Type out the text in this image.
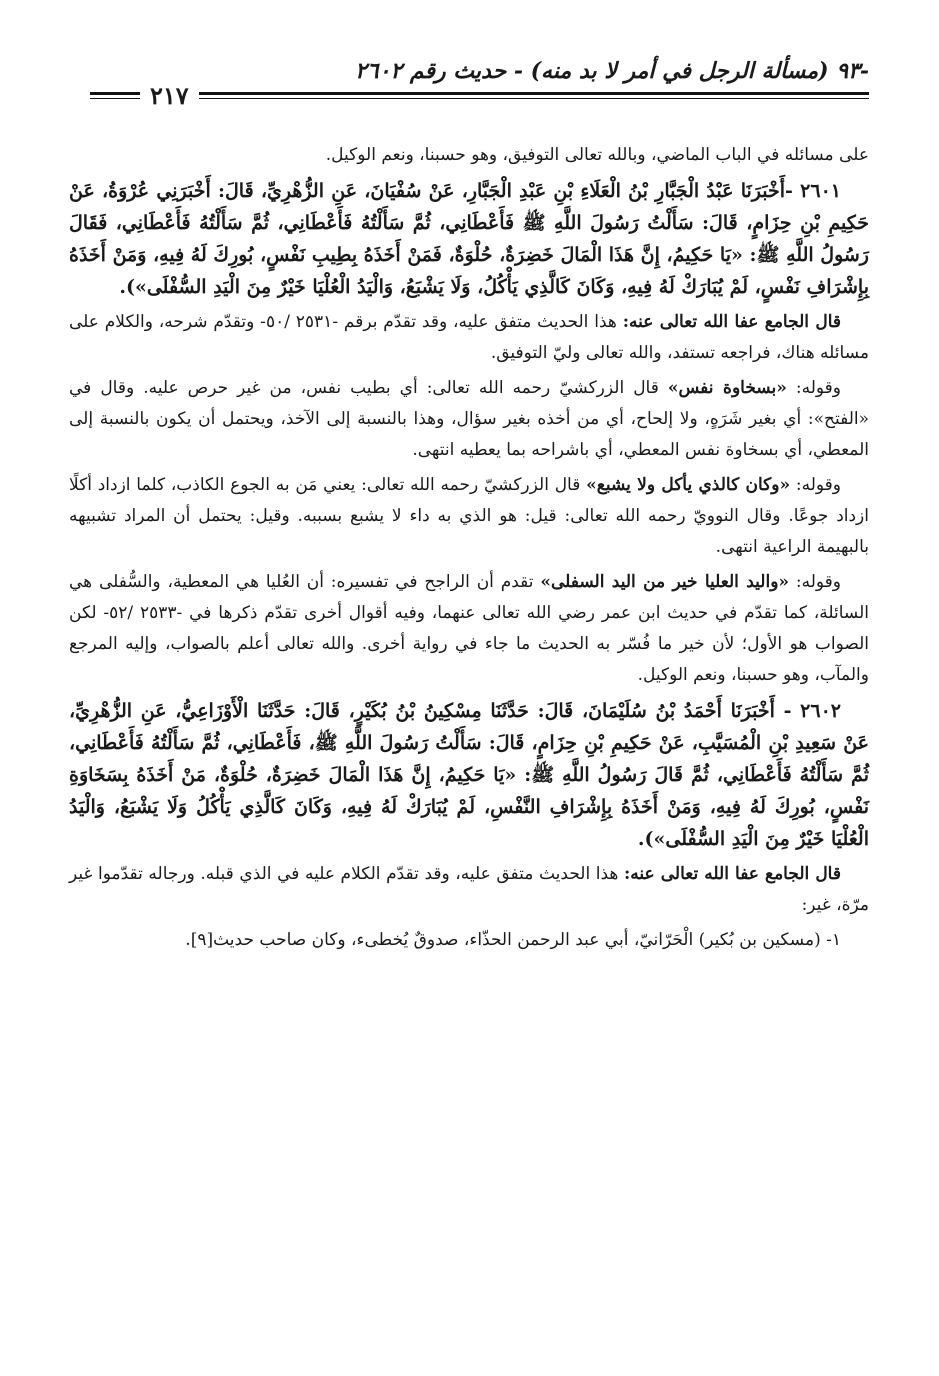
-٩٣ (مسألة الرجل في أمر لا بد منه) - حديث رقم ٢٦٠٢
٢١٧

على مسائله في الباب الماضي، وبالله تعالى التوفيق، وهو حسبنا، ونعم الوكيل.

٢٦٠١ -أَخْبَرَنَا عَبْدُ الْجَبَّارِ بْنُ الْعَلَاءِ بْنِ عَبْدِ الْجَبَّارِ، عَنْ سُفْيَانَ، عَنِ الزُّهْرِيِّ، قَالَ: أَخْبَرَنِي عُرْوَةُ، عَنْ حَكِيمِ بْنِ حِزَامٍ، قَالَ: سَأَلْتُ رَسُولَ اللَّهِ ﷺ فَأَعْطَانِي، ثُمَّ سَأَلْتُهُ فَأَعْطَانِي، ثُمَّ سَأَلْتُهُ فَأَعْطَانِي، فَقَالَ رَسُولُ اللَّهِ ﷺ: «يَا حَكِيمُ، إِنَّ هَذَا الْمَالَ خَضِرَةٌ، حُلْوَةٌ، فَمَنْ أَخَذَهُ بِطِيبِ نَفْسٍ، بُورِكَ لَهُ فِيهِ، وَمَنْ أَخَذَهُ بِإِشْرَافِ نَفْسٍ، لَمْ يُبَارَكْ لَهُ فِيهِ، وَكَانَ كَالَّذِي يَأْكُلُ، وَلَا يَشْبَعُ، وَالْيَدُ الْعُلْيَا خَيْرٌ مِنَ الْيَدِ السُّفْلَى»).

قال الجامع عفا الله تعالى عنه: هذا الحديث متفق عليه، وقد تقدّم برقم -٢٥٣١ /٥٠- وتقدّم شرحه، والكلام على مسائله هناك، فراجعه تستفد، والله تعالى وليّ التوفيق.

وقوله: «بسخاوة نفس» قال الزركشيّ رحمه الله تعالى: أي بطيب نفس، من غير حرص عليه. وقال في «الفتح»: أي بغير شَرَهٍ، ولا إلحاح، أي من أخذه بغير سؤال، وهذا بالنسبة إلى الآخذ، ويحتمل أن يكون بالنسبة إلى المعطي، أي بسخاوة نفس المعطي، أي باشراحه بما يعطيه انتهى.

وقوله: «وكان كالذي يأكل ولا يشبع» قال الزركشيّ رحمه الله تعالى: يعني مَن به الجوع الكاذب، كلما ازداد أكلًا ازداد جوعًا. وقال النوويّ رحمه الله تعالى: قيل: هو الذي به داء لا يشبع بسببه. وقيل: يحتمل أن المراد تشبيهه بالبهيمة الراعية انتهى.

وقوله: «واليد العليا خير من اليد السفلى» تقدم أن الراجح في تفسيره: أن العُليا هي المعطية، والسُّفلى هي السائلة، كما تقدّم في حديث ابن عمر رضي الله تعالى عنهما، وفيه أقوال أخرى تقدّم ذكرها في -٢٥٣٣ /٥٢- لكن الصواب هو الأول؛ لأن خير ما فُسّر به الحديث ما جاء في رواية أخرى. والله تعالى أعلم بالصواب، وإليه المرجع والمآب، وهو حسبنا، ونعم الوكيل.

٢٦٠٢ - أَخْبَرَنَا أَحْمَدُ بْنُ سُلَيْمَانَ، قَالَ: حَدَّثَنَا مِسْكِينُ بْنُ بُكَيْرٍ، قَالَ: حَدَّثَنَا الْأَوْزَاعِيُّ، عَنِ الزُّهْرِيِّ، عَنْ سَعِيدِ بْنِ الْمُسَيَّبِ، عَنْ حَكِيمِ بْنِ حِزَامٍ، قَالَ: سَأَلْتُ رَسُولَ اللَّهِ ﷺ، فَأَعْطَانِي، ثُمَّ سَأَلْتُهُ فَأَعْطَانِي، ثُمَّ سَأَلْتُهُ فَأَعْطَانِي، ثُمَّ قَالَ رَسُولُ اللَّهِ ﷺ: «يَا حَكِيمُ، إِنَّ هَذَا الْمَالَ خَضِرَةٌ، حُلْوَةٌ، مَنْ أَخَذَهُ بِسَخَاوَةِ نَفْسٍ، بُورِكَ لَهُ فِيهِ، وَمَنْ أَخَذَهُ بِإِشْرَافِ النَّفْسِ، لَمْ يُبَارَكْ لَهُ فِيهِ، وَكَانَ كَالَّذِي يَأْكُلُ وَلَا يَشْبَعُ، وَالْيَدُ الْعُلْيَا خَيْرٌ مِنَ الْيَدِ السُّفْلَى»).

قال الجامع عفا الله تعالى عنه: هذا الحديث متفق عليه، وقد تقدّم الكلام عليه في الذي قبله. ورجاله تقدّموا غير مرّة، غير:

١- (مسكين بن بُكير) الْحَرّانيّ، أبي عبد الرحمن الحذّاء، صدوقٌ يُخطىء، وكان صاحب حديث[٩].
